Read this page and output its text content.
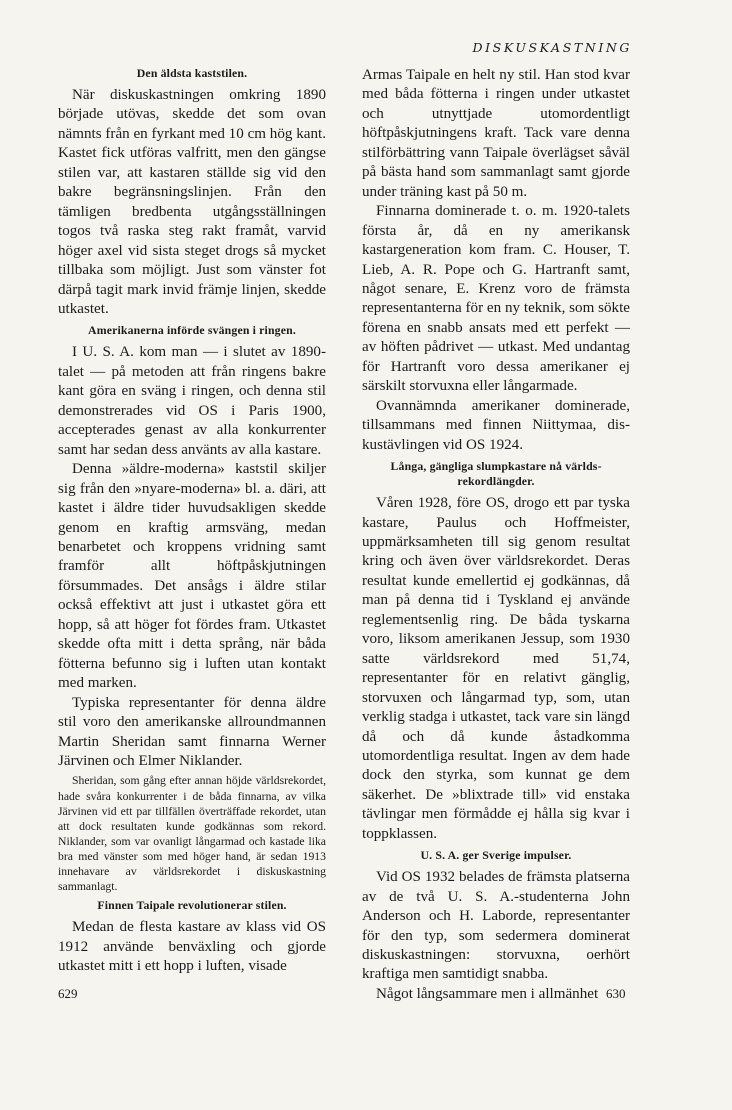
DISKUSKASTNING
Den äldsta kaststilen.

När diskuskastningen omkring 1890 började utövas, skedde det som ovan nämnts från en fyrkant med 10 cm hög kant. Kastet fick utföras valfritt, men den gängse stilen var, att kastaren ställde sig vid den bakre begränsningslinjen. Från den tämligen bredbenta utgångsställningen togos två raska steg rakt framåt, varvid höger axel vid sista steget drogs så mycket tillbaka som möjligt. Just som vänster fot därpå tagit mark invid främje linjen, skedde utkastet.

Amerikanerna införde svängen i ringen.

I U. S. A. kom man — i slutet av 1890-talet — på metoden att från ringens bakre kant göra en sväng i ringen, och denna stil demonstrerades vid OS i Paris 1900, accepterades genast av alla konkurrenter samt har sedan dess använts av alla kastare.

Denna »äldre-moderna» kaststil skiljer sig från den »nyare-moderna» bl. a. däri, att kastet i äldre tider huvudsakligen skedde genom en kraftig armsväng, medan benarbetet och kroppens vridning samt framför allt höftpåskjutningen försummades. Det ansågs i äldre stilar också effektivt att just i utkastet göra ett hopp, så att höger fot fördes fram. Utkastet skedde ofta mitt i detta språng, när båda fötterna befunno sig i luften utan kontakt med marken.

Typiska representanter för denna äldre stil voro den amerikanske allroundmannen Martin Sheridan samt finnarna Werner Järvinen och Elmer Niklander.

Sheridan, som gång efter annan höjde världsrekordet, hade svåra konkurrenter i de båda finnarna, av vilka Järvinen vid ett par tillfällen överträffade rekordet, utan att dock resultaten kunde godkännas som rekord. Niklander, som var ovanligt långarmad och kastade lika bra med vänster som med höger hand, är sedan 1913 innehavare av världsrekordet i diskuskastning sammanlagt.

Finnen Taipale revolutionerar stilen.

Medan de flesta kastare av klass vid OS 1912 använde benväxling och gjorde utkastet mitt i ett hopp i luften, visade

Armas Taipale en helt ny stil. Han stod kvar med båda fötterna i ringen under utkastet och utnyttjade utomordentligt höftpåskjutningens kraft. Tack vare denna stilförbättring vann Taipale överlägset såväl på bästa hand som sammanlagt samt gjorde under träning kast på 50 m.

Finnarna dominerade t. o. m. 1920-talets första år, då en ny amerikansk kastargeneration kom fram. C. Houser, T. Lieb, A. R. Pope och G. Hartranft samt, något senare, E. Krenz voro de främsta representanterna för en ny teknik, som sökte förena en snabb ansats med ett perfekt — av höften pådrivet — utkast. Med undantag för Hartranft voro dessa amerikaner ej särskilt storvuxna eller långarmade.

Ovannämnda amerikaner dominerade, tillsammans med finnen Niittymaa, diskustävlingen vid OS 1924.

Långa, gängliga slumpkastare nå världsrekordlängder.

Våren 1928, före OS, drogo ett par tyska kastare, Paulus och Hoffmeister, uppmärksamheten till sig genom resultat kring och även över världsrekordet. Deras resultat kunde emellertid ej godkännas, då man på denna tid i Tyskland ej använde reglementsenlig ring. De båda tyskarna voro, liksom amerikanen Jessup, som 1930 satte världsrekord med 51,74, representanter för en relativt gänglig, storvuxen och långarmad typ, som, utan verklig stadga i utkastet, tack vare sin längd då och då kunde åstadkomma utomordentliga resultat. Ingen av dem hade dock den styrka, som kunnat ge dem säkerhet. De »blixtrade till» vid enstaka tävlingar men förmådde ej hålla sig kvar i toppklassen.

U. S. A. ger Sverige impulser.

Vid OS 1932 belades de främsta platserna av de två U. S. A.-studenterna John Anderson och H. Laborde, representanter för den typ, som sedermera dominerat diskuskastningen: storvuxna, oerhört kraftiga men samtidigt snabba.

Något långsammare men i allmänhet

629	630
